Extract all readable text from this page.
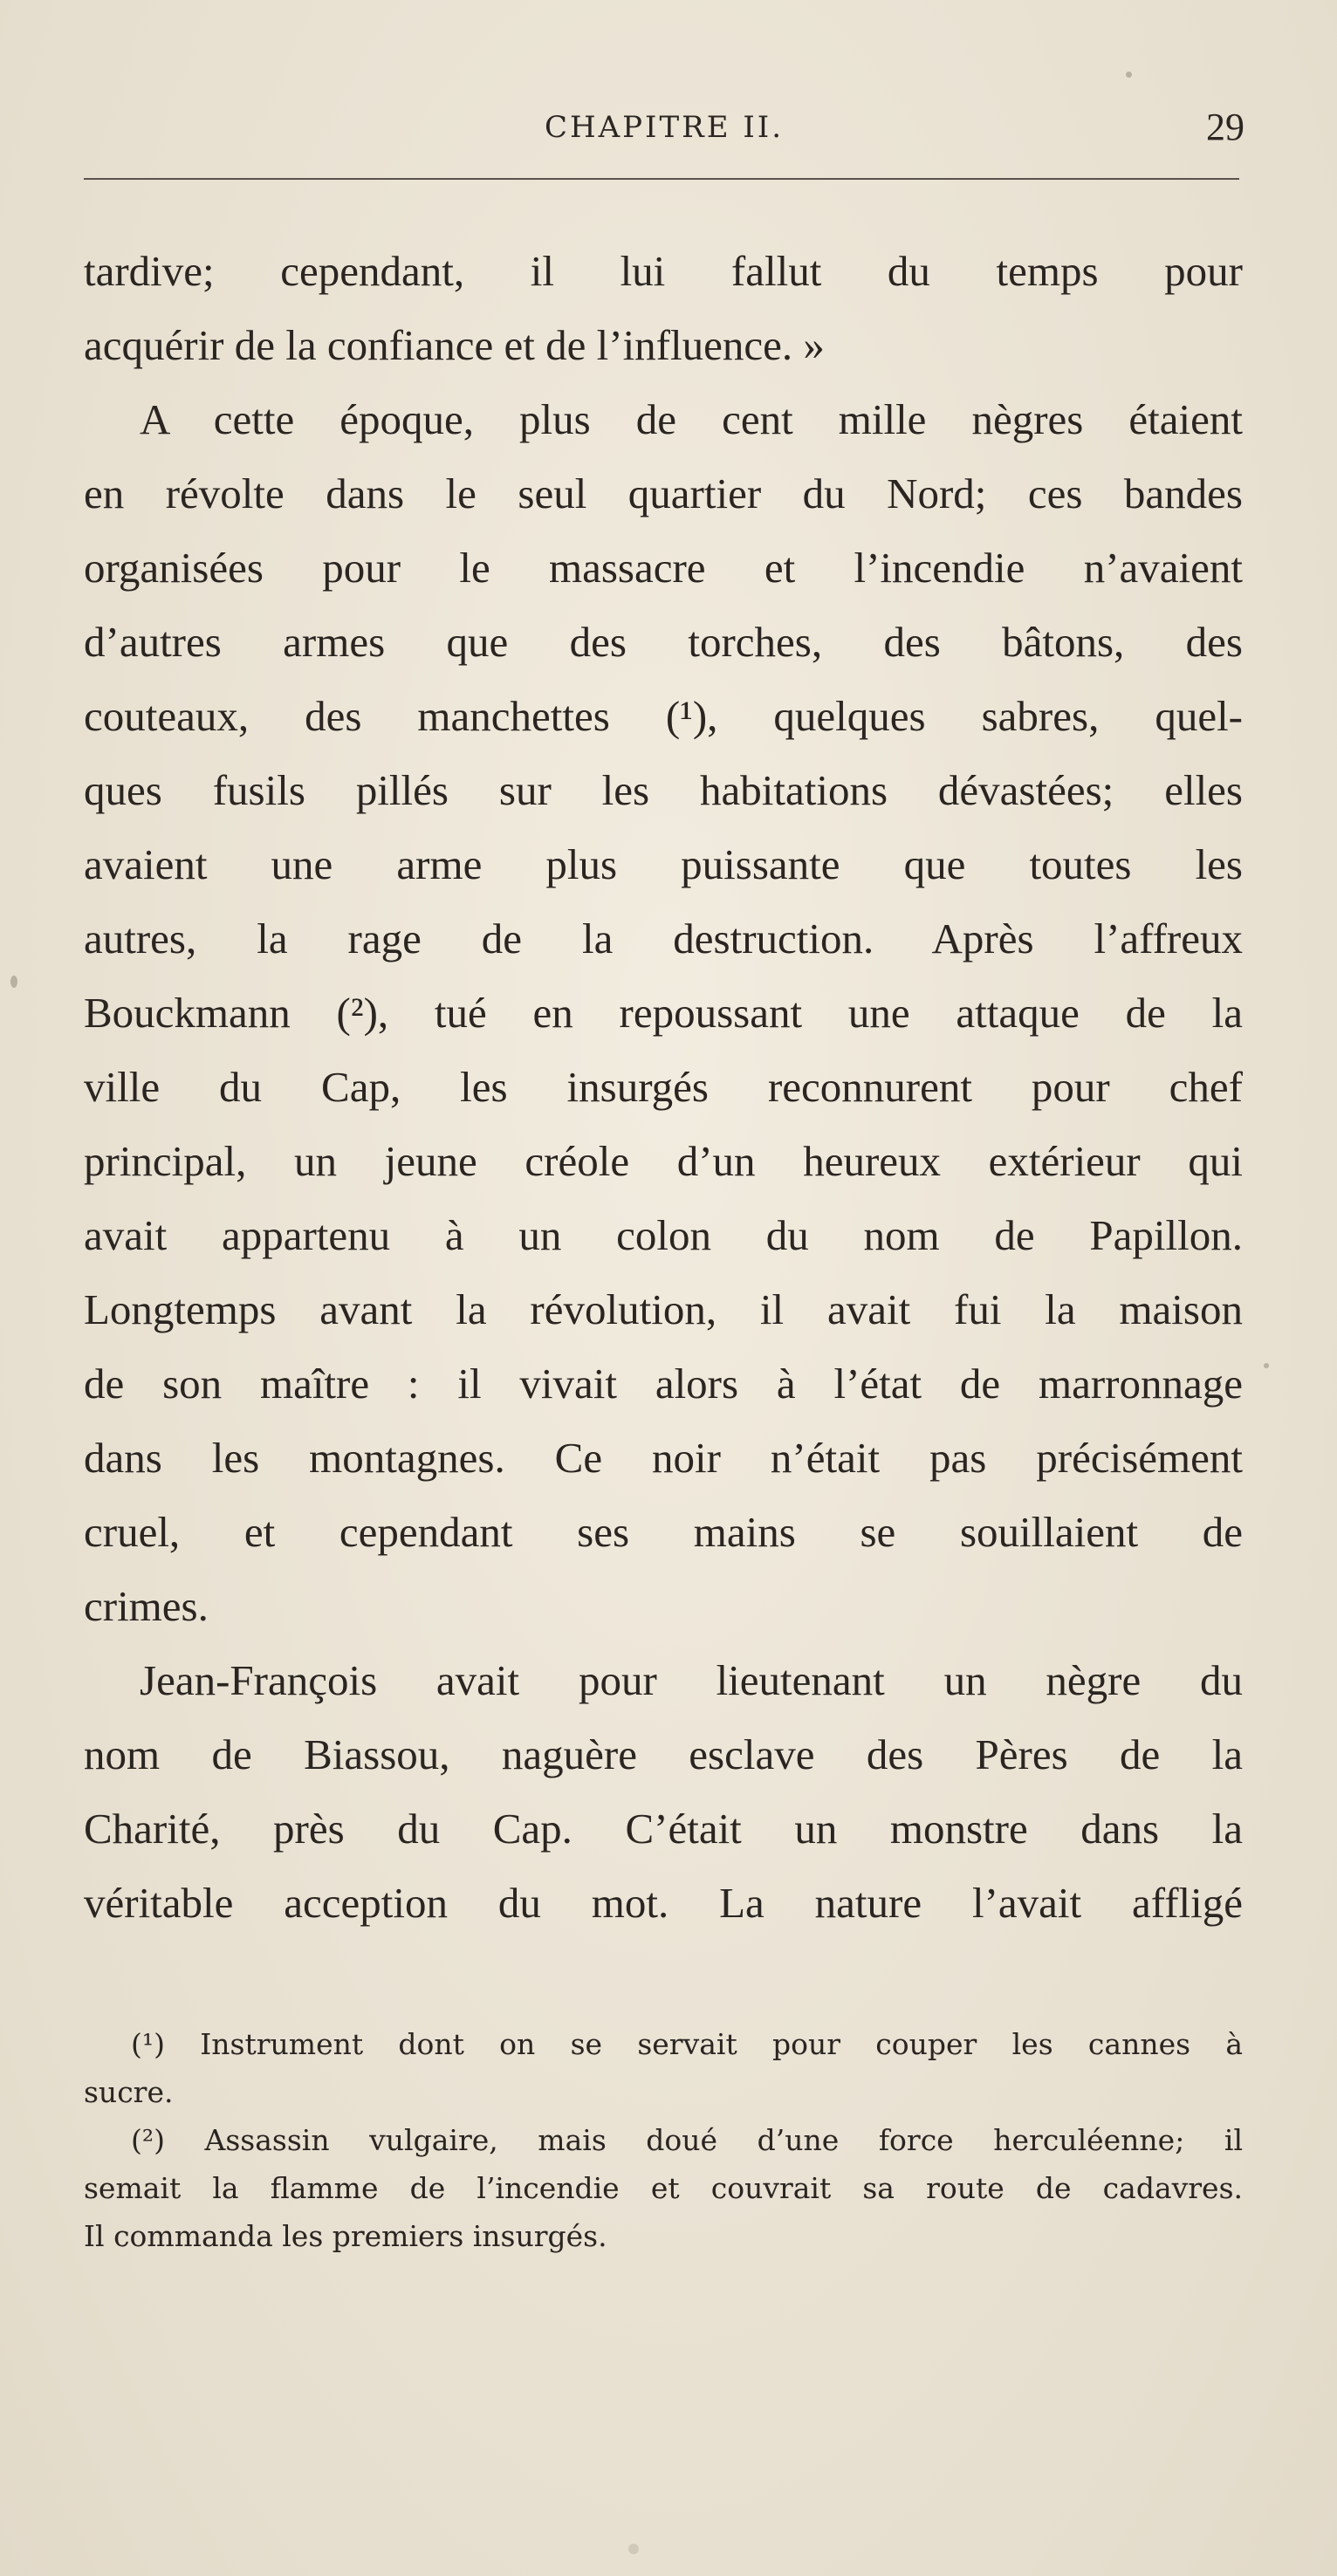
CHAPITRE II.	29
tardive; cependant, il lui fallut du temps pour
acquérir de la confiance et de l’influence. »
A cette époque, plus de cent mille nègres étaient
en révolte dans le seul quartier du Nord; ces bandes
organisées pour le massacre et l’incendie n’avaient
d’autres armes que des torches, des bâtons, des
couteaux, des manchettes (¹), quelques sabres, quel-
ques fusils pillés sur les habitations dévastées; elles
avaient une arme plus puissante que toutes les
autres, la rage de la destruction. Après l’affreux
Bouckmann (²), tué en repoussant une attaque de la
ville du Cap, les insurgés reconnurent pour chef
principal, un jeune créole d’un heureux extérieur qui
avait appartenu à un colon du nom de Papillon.
Longtemps avant la révolution, il avait fui la maison
de son maître : il vivait alors à l’état de marronnage
dans les montagnes. Ce noir n’était pas précisément
cruel, et cependant ses mains se souillaient de
crimes.
Jean-François avait pour lieutenant un nègre du
nom de Biassou, naguère esclave des Pères de la
Charité, près du Cap. C’était un monstre dans la
véritable acception du mot. La nature l’avait affligé
(¹) Instrument dont on se servait pour couper les cannes à
sucre.
(²) Assassin vulgaire, mais doué d’une force herculéenne; il
semait la flamme de l’incendie et couvrait sa route de cadavres.
Il commanda les premiers insurgés.
